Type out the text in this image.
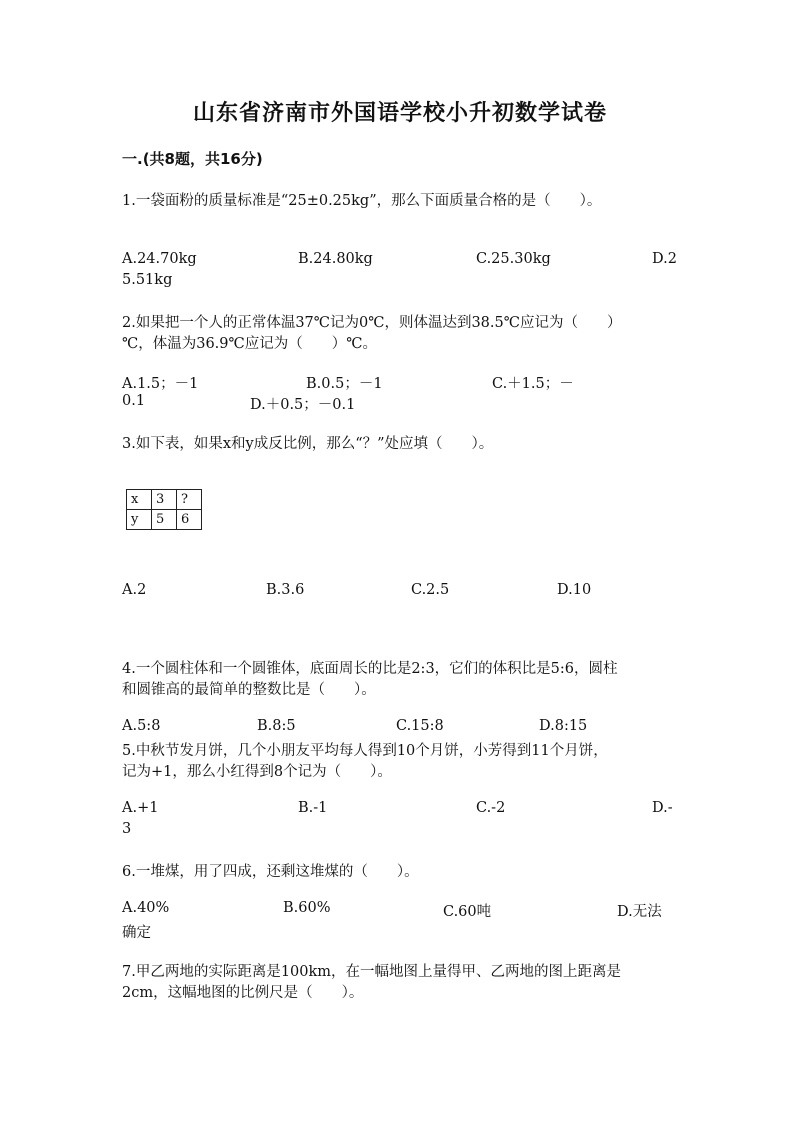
山东省济南市外国语学校小升初数学试卷
一.(共8题，共16分)
1.一袋面粉的质量标准是“25±0.25kg”，那么下面质量合格的是（　　）。
A.24.70kg	B.24.80kg	C.25.30kg	D.2
5.51kg
2.如果把一个人的正常体温37℃记为0℃，则体温达到38.5℃应记为（　　）
℃，体温为36.9℃应记为（　　）℃。
A.1.5；－1	B.0.5；－1	C.＋1.5；－
0.1	D.＋0.5；－0.1
3.如下表，如果x和y成反比例，那么“？”处应填（　　）。
x	3	?
y	5	6
A.2	B.3.6	C.2.5	D.10
4.一个圆柱体和一个圆锥体，底面周长的比是2:3，它们的体积比是5:6，圆柱
和圆锥高的最简单的整数比是（　　）。
A.5:8	B.8:5	C.15:8	D.8:15
5.中秋节发月饼，几个小朋友平均每人得到10个月饼，小芳得到11个月饼，
记为+1，那么小红得到8个记为（　　）。
A.+1	B.-1	C.-2	D.-
3
6.一堆煤，用了四成，还剩这堆煤的（　　）。
A.40%	B.60%	C.60吨	D.无法
确定
7.甲乙两地的实际距离是100km，在一幅地图上量得甲、乙两地的图上距离是
2cm，这幅地图的比例尺是（　　）。
